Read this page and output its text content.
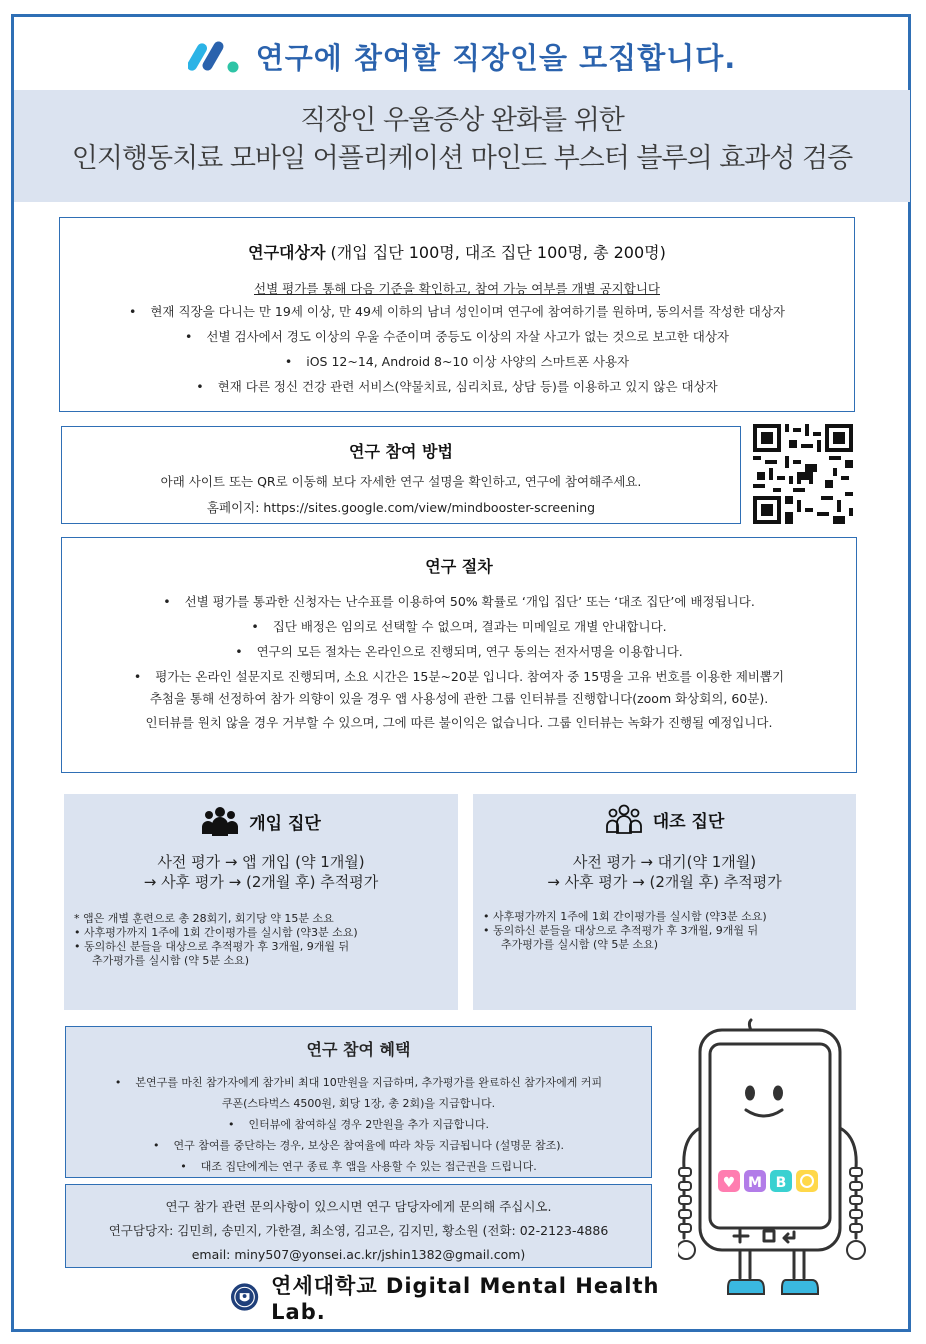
연구에 참여할 직장인을 모집합니다.
직장인 우울증상 완화를 위한
인지행동치료 모바일 어플리케이션 마인드 부스터 블루의 효과성 검증
연구대상자 (개입 집단 100명, 대조 집단 100명, 총 200명)

선별 평가를 통해 다음 기준을 확인하고, 참여 가능 여부를 개별 공지합니다

• 현재 직장을 다니는 만 19세 이상, 만 49세 이하의 남녀 성인이며 연구에 참여하기를 원하며, 동의서를 작성한 대상자
• 선별 검사에서 경도 이상의 우울 수준이며 중등도 이상의 자살 사고가 없는 것으로 보고한 대상자
• iOS 12~14, Android 8~10 이상 사양의 스마트폰 사용자
• 현재 다른 정신 건강 관련 서비스(약물치료, 심리치료, 상담 등)를 이용하고 있지 않은 대상자
연구 참여 방법

아래 사이트 또는 QR로 이동해 보다 자세한 연구 설명을 확인하고, 연구에 참여해주세요.

홈페이지: https://sites.google.com/view/mindbooster-screening

연구 절차
• 선별 평가를 통과한 신청자는 난수표를 이용하여 50% 확률로 ‘개입 집단’ 또는 ‘대조 집단’에 배정됩니다.
• 집단 배정은 임의로 선택할 수 없으며, 결과는 미메일로 개별 안내합니다.
• 연구의 모든 절차는 온라인으로 진행되며, 연구 동의는 전자서명을 이용합니다.
• 평가는 온라인 설문지로 진행되며, 소요 시간은 15분~20분 입니다. 참여자 중 15명을 고유 번호를 이용한 제비뽑기

추첨을 통해 선정하여 참가 의향이 있을 경우 앱 사용성에 관한 그룹 인터뷰를 진행합니다(zoom 화상회의, 60분).

인터뷰를 원치 않을 경우 거부할 수 있으며, 그에 따른 불이익은 없습니다. 그룹 인터뷰는 녹화가 진행될 예정입니다.

개입 집단
사전 평가 → 앱 개입 (약 1개월)
→ 사후 평가 → (2개월 후) 추적평가
* 앱은 개별 훈련으로 총 28회기, 회기당 약 15분 소요
• 사후평가까지 1주에 1회 간이평가를 실시함 (약3분 소요)
• 동의하신 분들을 대상으로 추적평가 후 3개월, 9개월 뒤
추가평가를 실시함 (약 5분 소요)
대조 집단
사전 평가 → 대기(약 1개월)
→ 사후 평가 → (2개월 후) 추적평가
• 사후평가까지 1주에 1회 간이평가를 실시함 (약3분 소요)
• 동의하신 분들을 대상으로 추적평가 후 3개월, 9개월 뒤
추가평가를 실시함 (약 5분 소요)
연구 참여 혜택
• 본연구를 마친 참가자에게 참가비 최대 10만원을 지급하며, 추가평가를 완료하신 참가자에게 커피
쿠폰(스타벅스 4500원, 회당 1장, 총 2회)을 지급합니다.
• 인터뷰에 참여하실 경우 2만원을 추가 지급합니다.
• 연구 참여를 중단하는 경우, 보상은 참여율에 따라 차등 지급됩니다 (설명문 참조).
• 대조 집단에게는 연구 종료 후 앱을 사용할 수 있는 접근권을 드립니다.
연구 참가 관련 문의사항이 있으시면 연구 담당자에게 문의해 주십시오.
연구담당자: 김민희, 송민지, 가한결, 최소영, 김고은, 김지민, 황소원 (전화: 02-2123-4886
email: miny507@yonsei.ac.kr/jshin1382@gmail.com)
♥ M B
연세대학교 Digital Mental Health Lab.
